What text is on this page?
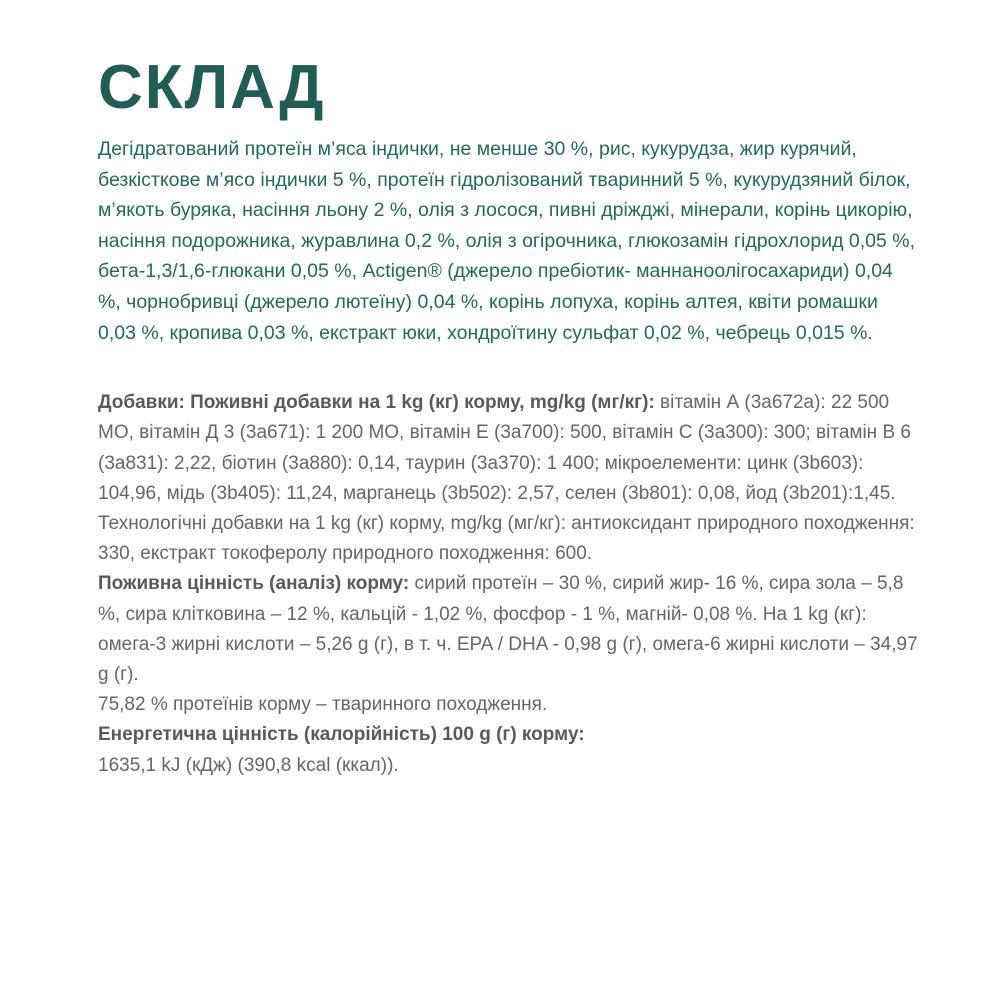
СКЛАД

Дегідратований протеїн м’яса індички, не менше 30 %, рис, кукурудза, жир курячий, безкісткове м’ясо індички 5 %, протеїн гідролізований тваринний 5 %, кукурудзяний білок, м’якоть буряка, насіння льону 2 %, олія з лосося, пивні дріжджі, мінерали, корінь цикорію, насіння подорожника, журавлина 0,2 %, олія з огірочника, глюкозамін гідрохлорид 0,05 %, бета-1,3/1,6-глюкани 0,05 %, Actigen® (джерело пребіотик- маннаноолігосахариди) 0,04 %, чорнобривці (джерело лютеїну) 0,04 %, корінь лопуха, корінь алтея, квіти ромашки 0,03 %, кропива 0,03 %, екстракт юки, хондроїтину сульфат 0,02 %, чебрець 0,015 %.

Добавки: Поживні добавки на 1 kg (кг) корму, mg/kg (мг/кг): вітамін А (3a672a): 22 500 МО, вітамін Д 3 (3a671): 1 200 МО, вітамін Е (3a700): 500, вітамін С (3a300): 300; вітамін В 6 (3a831): 2,22, біотин (3a880): 0,14, таурин (3a370): 1 400; мікроелементи: цинк (3b603): 104,96, мідь (3b405): 11,24, марганець (3b502): 2,57, селен (3b801): 0,08, йод (3b201):1,45. Технологічні добавки на 1 kg (кг) корму, mg/kg (мг/кг): антиоксидант природного походження: 330, екстракт токоферолу природного походження: 600.

Поживна цінність (аналіз) корму: сирий протеїн – 30 %, сирий жир- 16 %, сира зола – 5,8 %, сира клітковина – 12 %, кальцій - 1,02 %, фосфор - 1 %, магній- 0,08 %. На 1 kg (кг): омега-3 жирні кислоти – 5,26 g (г), в т. ч. EPA / DHA - 0,98 g (г), омега-6 жирні кислоти – 34,97 g (г).

75,82 % протеїнів корму – тваринного походження.

Енергетична цінність (калорійність) 100 g (г) корму:

1635,1 kJ (кДж) (390,8 kcal (ккал)).
